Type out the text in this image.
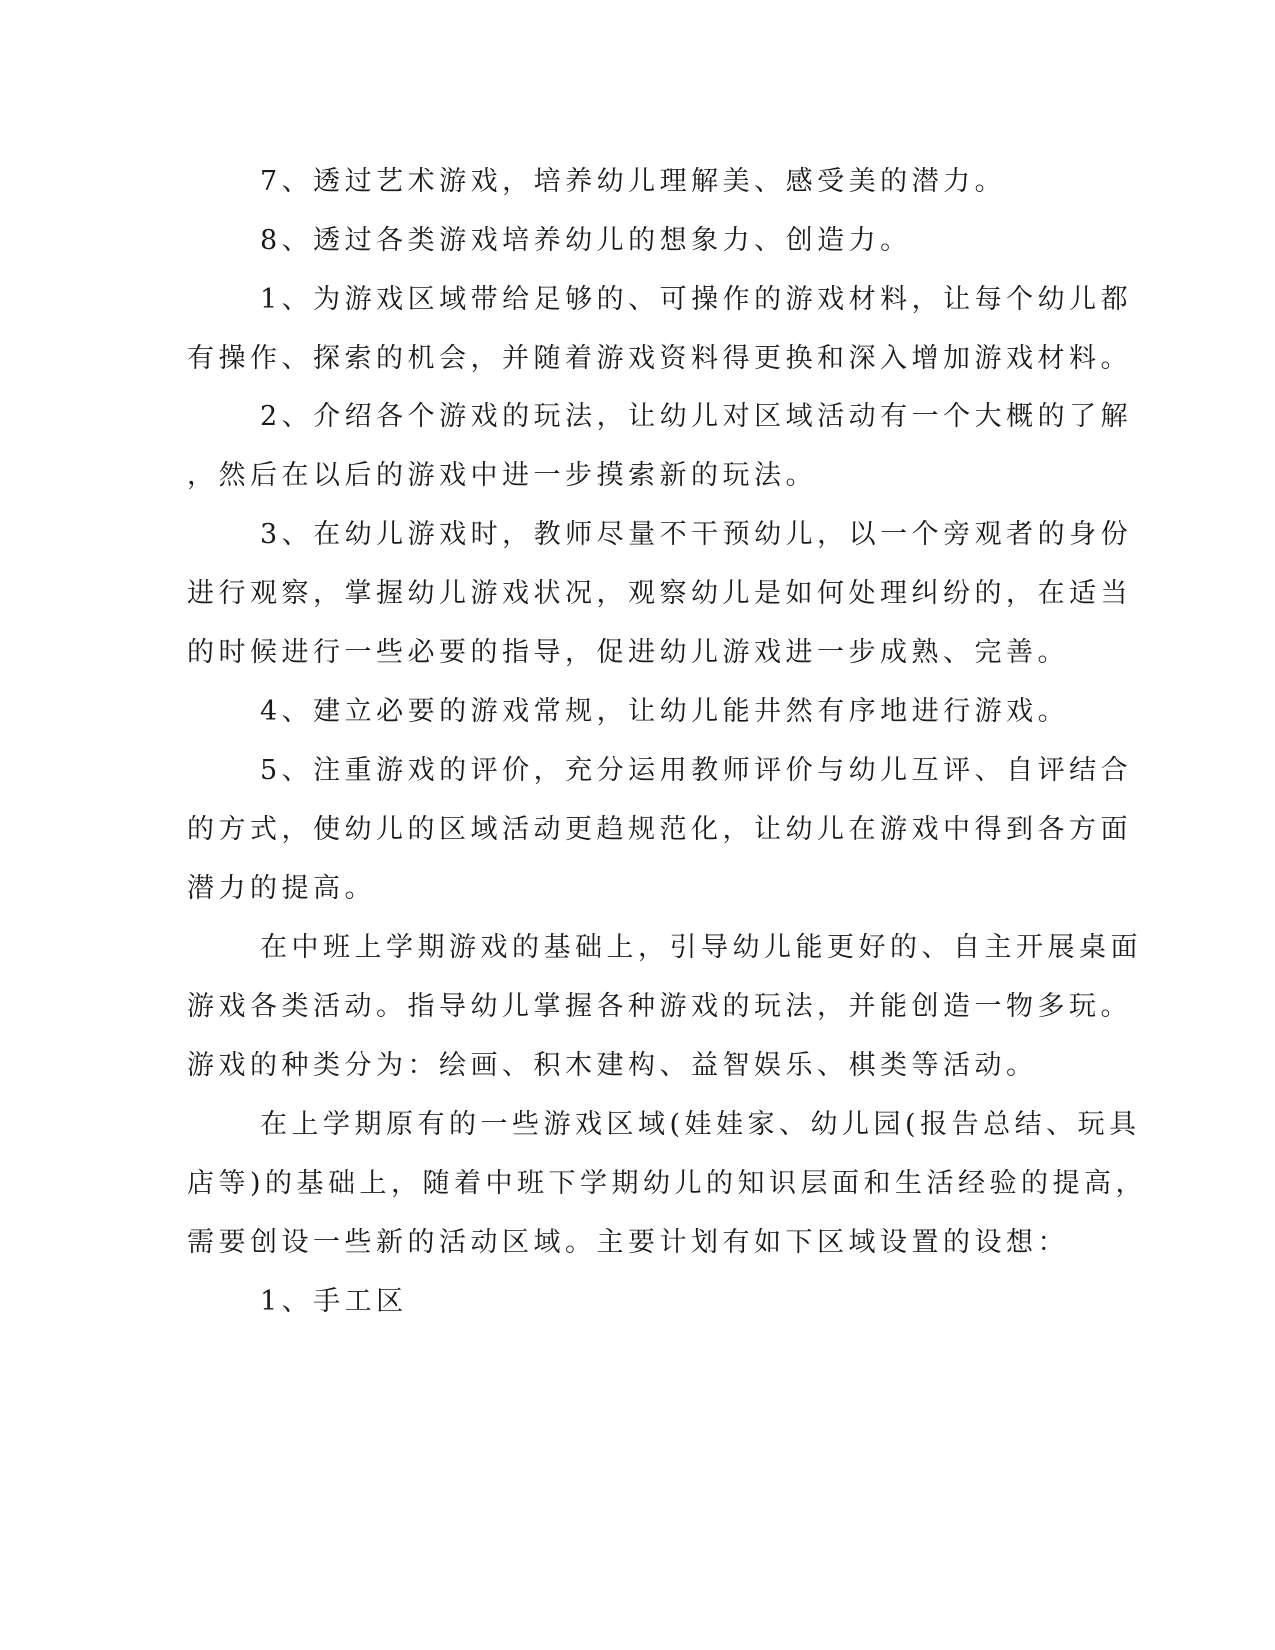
7、透过艺术游戏，培养幼儿理解美、感受美的潜力。
8、透过各类游戏培养幼儿的想象力、创造力。
1、为游戏区域带给足够的、可操作的游戏材料，让每个幼儿都
有操作、探索的机会，并随着游戏资料得更换和深入增加游戏材料。
2、介绍各个游戏的玩法，让幼儿对区域活动有一个大概的了解
，然后在以后的游戏中进一步摸索新的玩法。
3、在幼儿游戏时，教师尽量不干预幼儿，以一个旁观者的身份
进行观察，掌握幼儿游戏状况，观察幼儿是如何处理纠纷的，在适当
的时候进行一些必要的指导，促进幼儿游戏进一步成熟、完善。
4、建立必要的游戏常规，让幼儿能井然有序地进行游戏。
5、注重游戏的评价，充分运用教师评价与幼儿互评、自评结合
的方式，使幼儿的区域活动更趋规范化，让幼儿在游戏中得到各方面
潜力的提高。
在中班上学期游戏的基础上，引导幼儿能更好的、自主开展桌面
游戏各类活动。指导幼儿掌握各种游戏的玩法，并能创造一物多玩。
游戏的种类分为：绘画、积木建构、益智娱乐、棋类等活动。
在上学期原有的一些游戏区域(娃娃家、幼儿园(报告总结、玩具
店等)的基础上，随着中班下学期幼儿的知识层面和生活经验的提高，
需要创设一些新的活动区域。主要计划有如下区域设置的设想：
1、手工区
